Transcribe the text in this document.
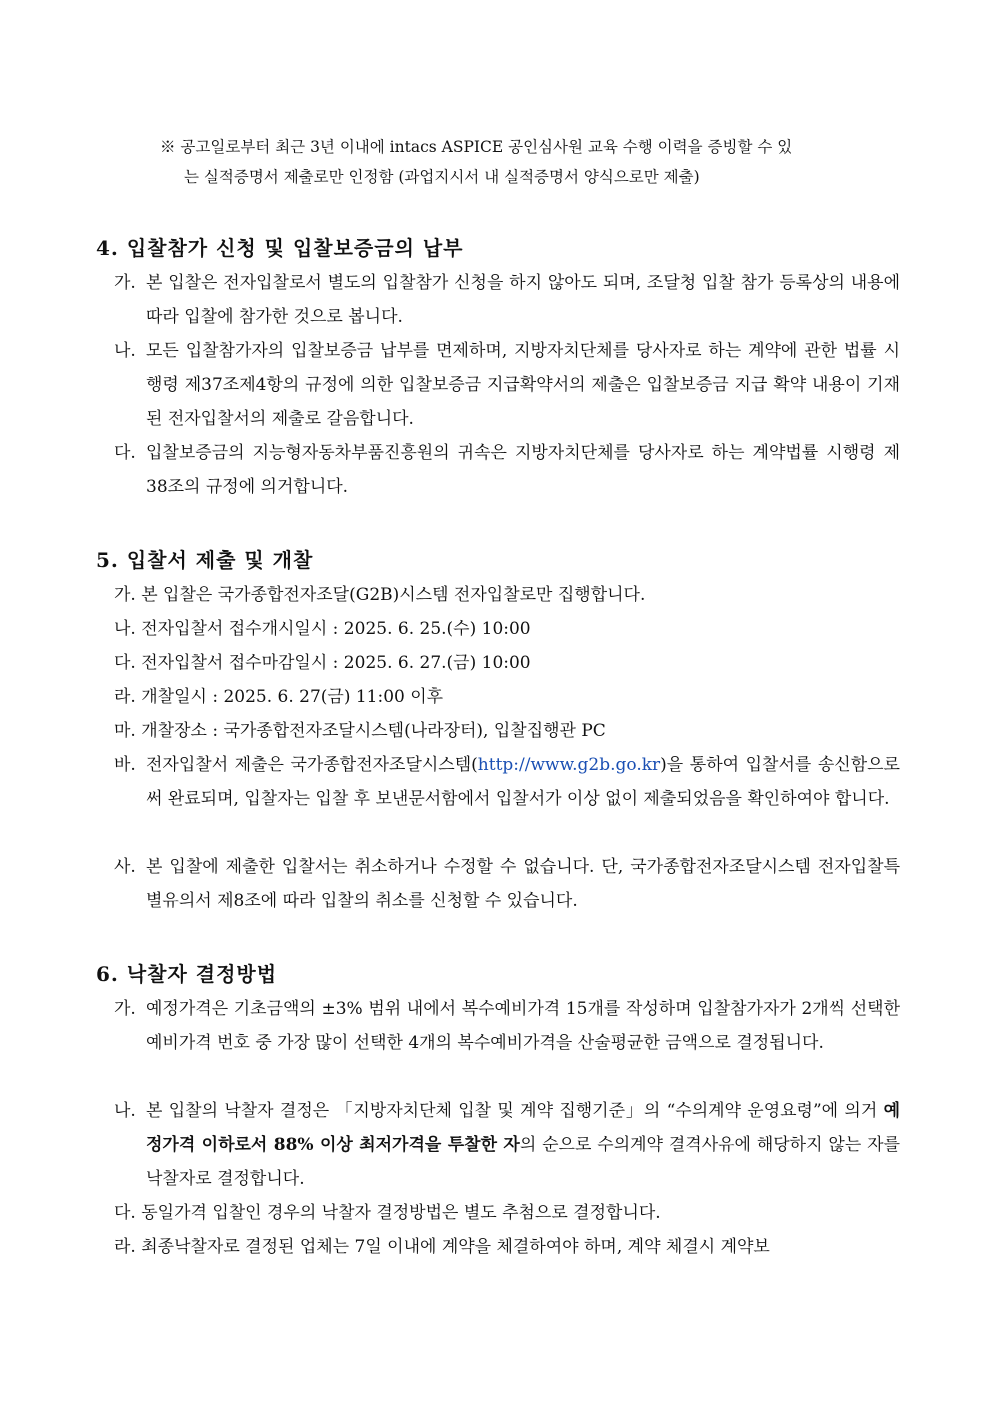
※ 공고일로부터 최근 3년 이내에 intacs ASPICE 공인심사원 교육 수행 이력을 증빙할 수 있
는 실적증명서 제출로만 인정함 (과업지시서 내 실적증명서 양식으로만 제출)
4. 입찰참가 신청 및 입찰보증금의 납부
가. 본 입찰은 전자입찰로서 별도의 입찰참가 신청을 하지 않아도 되며, 조달청 입찰 참가 등록상의 내용에 따라 입찰에 참가한 것으로 봅니다.
나. 모든 입찰참가자의 입찰보증금 납부를 면제하며, 지방자치단체를 당사자로 하는 계약에 관한 법률 시행령 제37조제4항의 규정에 의한 입찰보증금 지급확약서의 제출은 입찰보증금 지급 확약 내용이 기재된 전자입찰서의 제출로 갈음합니다.
다. 입찰보증금의 지능형자동차부품진흥원의 귀속은 지방자치단체를 당사자로 하는 계약법률 시행령 제38조의 규정에 의거합니다.
5. 입찰서 제출 및 개찰
가. 본 입찰은 국가종합전자조달(G2B)시스템 전자입찰로만 집행합니다.
나. 전자입찰서 접수개시일시 : 2025. 6. 25.(수) 10:00
다. 전자입찰서 접수마감일시 : 2025. 6. 27.(금) 10:00
라. 개찰일시 : 2025. 6. 27(금) 11:00 이후
마. 개찰장소 : 국가종합전자조달시스템(나라장터), 입찰집행관 PC
바. 전자입찰서 제출은 국가종합전자조달시스템(http://www.g2b.go.kr)을 통하여 입찰서를 송신함으로써 완료되며, 입찰자는 입찰 후 보낸문서함에서 입찰서가 이상 없이 제출되었음을 확인하여야 합니다.
사. 본 입찰에 제출한 입찰서는 취소하거나 수정할 수 없습니다. 단, 국가종합전자조달시스템 전자입찰특별유의서 제8조에 따라 입찰의 취소를 신청할 수 있습니다.
6. 낙찰자 결정방법
가. 예정가격은 기초금액의 ±3% 범위 내에서 복수예비가격 15개를 작성하며 입찰참가자가 2개씩 선택한 예비가격 번호 중 가장 많이 선택한 4개의 복수예비가격을 산술평균한 금액으로 결정됩니다.
나. 본 입찰의 낙찰자 결정은 「지방자치단체 입찰 및 계약 집행기준」의 “수의계약 운영요령”에 의거 예정가격 이하로서 88% 이상 최저가격을 투찰한 자의 순으로 수의계약 결격사유에 해당하지 않는 자를 낙찰자로 결정합니다.
다. 동일가격 입찰인 경우의 낙찰자 결정방법은 별도 추첨으로 결정합니다.
라. 최종낙찰자로 결정된 업체는 7일 이내에 계약을 체결하여야 하며, 계약 체결시 계약보
